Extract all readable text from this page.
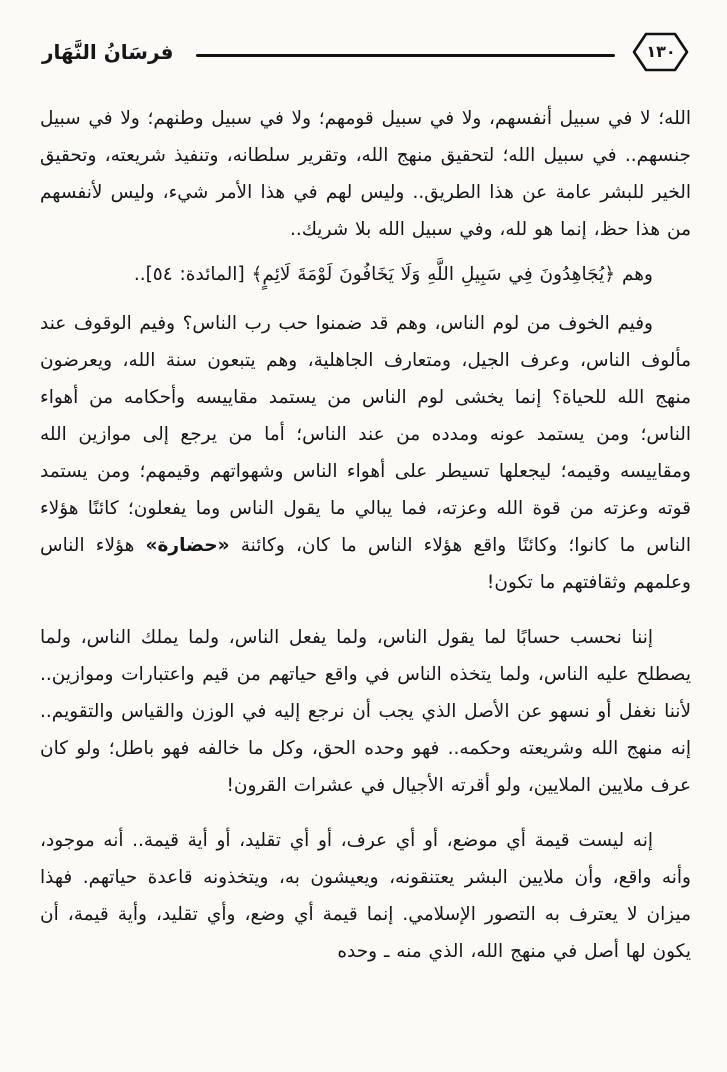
فرسَانُ النَّهَار	١٣٠

الله؛ لا في سبيل أنفسهم، ولا في سبيل قومهم؛ ولا في سبيل وطنهم؛ ولا في سبيل جنسهم.. في سبيل الله؛ لتحقيق منهج الله، وتقرير سلطانه، وتنفيذ شريعته، وتحقيق الخير للبشر عامة عن هذا الطريق.. وليس لهم في هذا الأمر شيء، وليس لأنفسهم من هذا حظ، إنما هو لله، وفي سبيل الله بلا شريك..

وهم ﴿يُجَاهِدُونَ فِي سَبِيلِ اللَّهِ وَلَا يَخَافُونَ لَوْمَةَ لَائِمٍ﴾ [المائدة: ٥٤]..

وفيم الخوف من لوم الناس، وهم قد ضمنوا حب رب الناس؟ وفيم الوقوف عند مألوف الناس، وعرف الجيل، ومتعارف الجاهلية، وهم يتبعون سنة الله، ويعرضون منهج الله للحياة؟ إنما يخشى لوم الناس من يستمد مقاييسه وأحكامه من أهواء الناس؛ ومن يستمد عونه ومدده من عند الناس؛ أما من يرجع إلى موازين الله ومقاييسه وقيمه؛ ليجعلها تسيطر على أهواء الناس وشهواتهم وقيمهم؛ ومن يستمد قوته وعزته من قوة الله وعزته، فما يبالي ما يقول الناس وما يفعلون؛ كائنًا هؤلاء الناس ما كانوا؛ وكائنًا واقع هؤلاء الناس ما كان، وكائنة «حضارة» هؤلاء الناس وعلمهم وثقافتهم ما تكون!

إننا نحسب حسابًا لما يقول الناس، ولما يفعل الناس، ولما يملك الناس، ولما يصطلح عليه الناس، ولما يتخذه الناس في واقع حياتهم من قيم واعتبارات وموازين.. لأننا نغفل أو نسهو عن الأصل الذي يجب أن نرجع إليه في الوزن والقياس والتقويم.. إنه منهج الله وشريعته وحكمه.. فهو وحده الحق، وكل ما خالفه فهو باطل؛ ولو كان عرف ملايين الملايين، ولو أقرته الأجيال في عشرات القرون!

إنه ليست قيمة أي موضع، أو أي عرف، أو أي تقليد، أو أية قيمة.. أنه موجود، وأنه واقع، وأن ملايين البشر يعتنقونه، ويعيشون به، ويتخذونه قاعدة حياتهم. فهذا ميزان لا يعترف به التصور الإسلامي. إنما قيمة أي وضع، وأي تقليد، وأية قيمة، أن يكون لها أصل في منهج الله، الذي منه ـ وحده
